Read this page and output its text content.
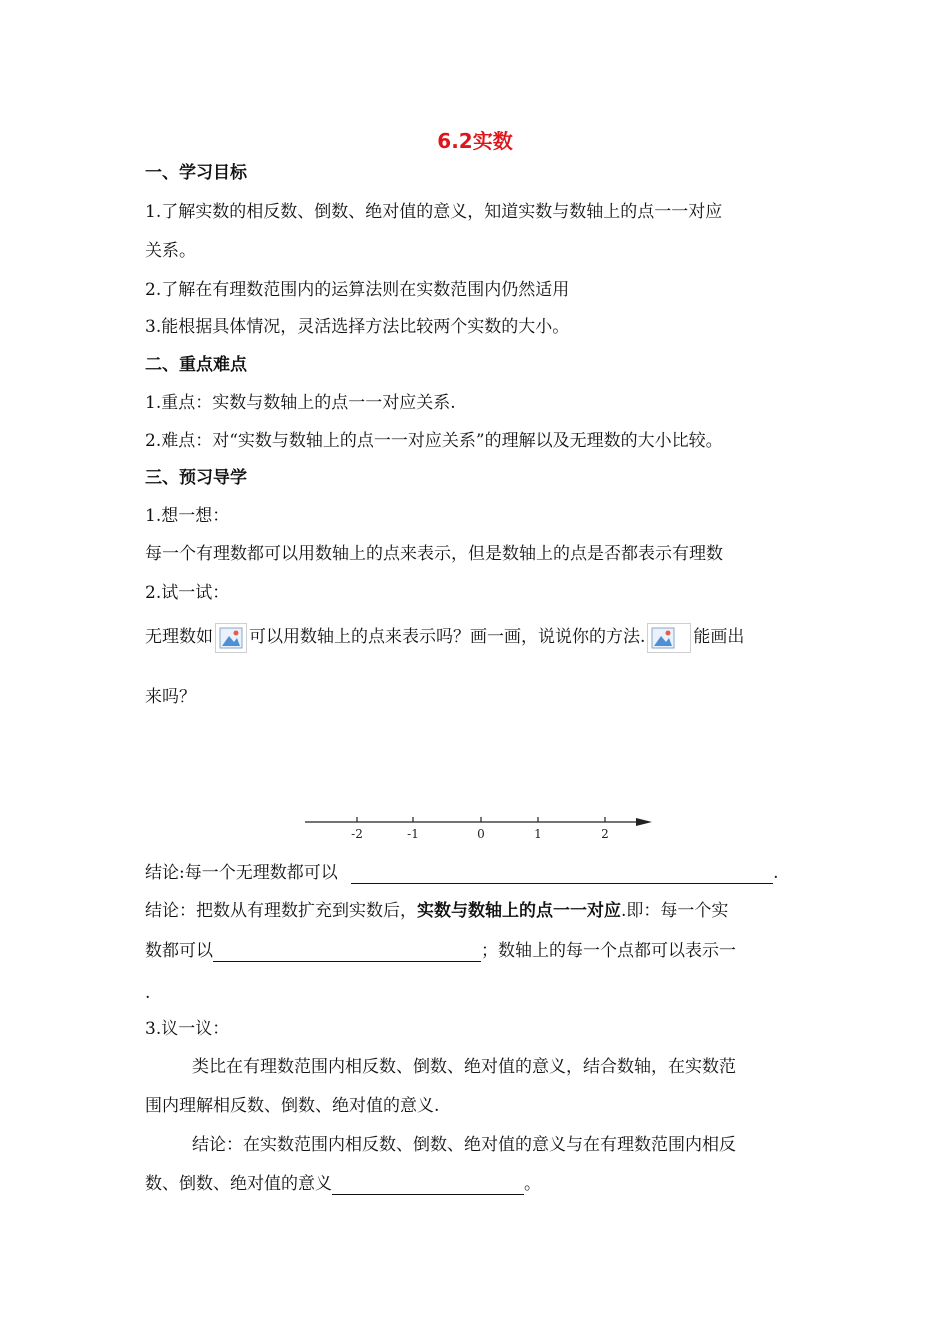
6.2实数
一、学习目标
1.了解实数的相反数、倒数、绝对值的意义，知道实数与数轴上的点一一对应
关系。
2.了解在有理数范围内的运算法则在实数范围内仍然适用
3.能根据具体情况，灵活选择方法比较两个实数的大小。
二、重点难点
1.重点：实数与数轴上的点一一对应关系.
2.难点：对“实数与数轴上的点一一对应关系”的理解以及无理数的大小比较。
三、预习导学
1.想一想：
每一个有理数都可以用数轴上的点来表示，但是数轴上的点是否都表示有理数
2.试一试：
无理数如 可以用数轴上的点来表示吗？画一画，说说你的方法.	能画出
来吗？
-2	-1	0	1	2
结论:每一个无理数都可以	.
结论：把数从有理数扩充到实数后，实数与数轴上的点一一对应.即：每一个实
数都可以	；数轴上的每一个点都可以表示一
.
3.议一议：
类比在有理数范围内相反数、倒数、绝对值的意义，结合数轴，在实数范
围内理解相反数、倒数、绝对值的意义.
结论：在实数范围内相反数、倒数、绝对值的意义与在有理数范围内相反
数、倒数、绝对值的意义	。
